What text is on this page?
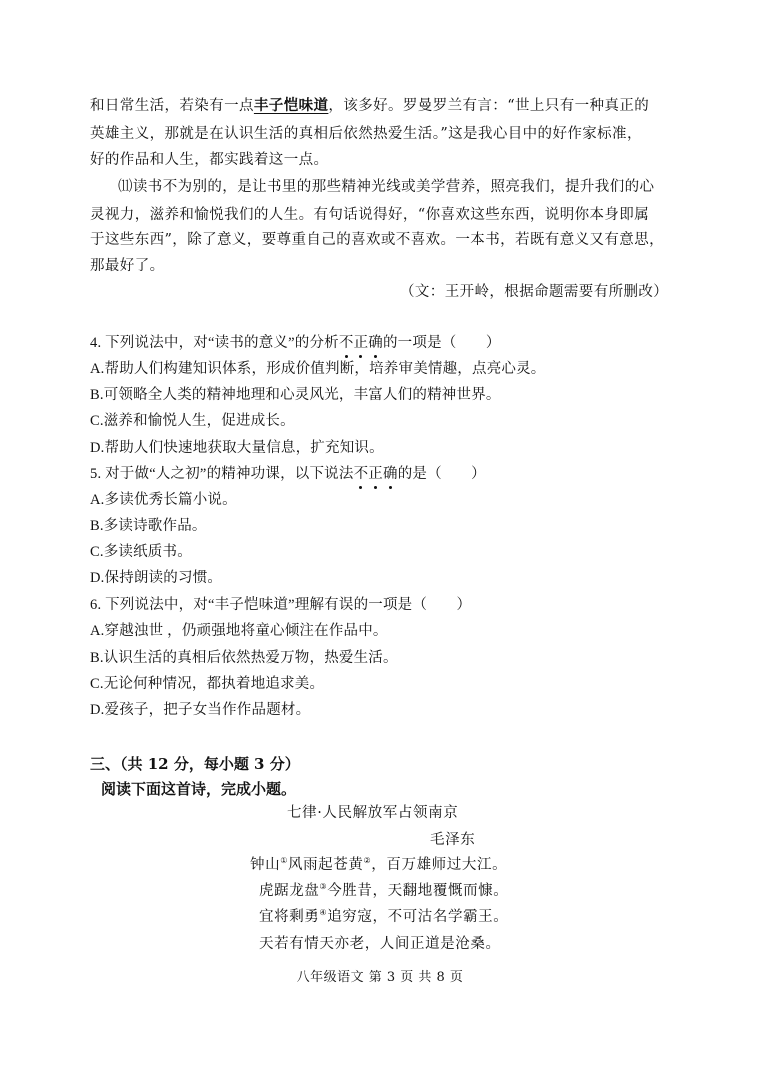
和日常生活，若染有一点丰子恺味道，该多好。罗曼罗兰有言：“世上只有一种真正的
英雄主义，那就是在认识生活的真相后依然热爱生活。”这是我心目中的好作家标准，
好的作品和人生，都实践着这一点。
⑾读书不为别的，是让书里的那些精神光线或美学营养，照亮我们，提升我们的心
灵视力，滋养和愉悦我们的人生。有句话说得好，“你喜欢这些东西，说明你本身即属
于这些东西”，除了意义，要尊重自己的喜欢或不喜欢。一本书，若既有意义又有意思，
那最好了。
（文：王开岭，根据命题需要有所删改）
4. 下列说法中，对“读书的意义”的分析不正确的一项是（　　）
A.帮助人们构建知识体系，形成价值判断，培养审美情趣，点亮心灵。
B.可领略全人类的精神地理和心灵风光，丰富人们的精神世界。
C.滋养和愉悦人生，促进成长。
D.帮助人们快速地获取大量信息，扩充知识。
5. 对于做“人之初”的精神功课，以下说法不正确的是（　　）
A.多读优秀长篇小说。
B.多读诗歌作品。
C.多读纸质书。
D.保持朗读的习惯。
6. 下列说法中，对“丰子恺味道”理解有误的一项是（　　）
A.穿越浊世 ，仍顽强地将童心倾注在作品中。
B.认识生活的真相后依然热爱万物，热爱生活。
C.无论何种情况，都执着地追求美。
D.爱孩子，把子女当作作品题材。
三、（共 12 分，每小题 3 分）
阅读下面这首诗，完成小题。
七律·人民解放军占领南京
毛泽东
钟山①风雨起苍黄②，百万雄师过大江。
虎踞龙盘③今胜昔，天翻地覆慨而慷。
宜将剩勇④追穷寇，不可沽名学霸王。
天若有情天亦老，人间正道是沧桑。
八年级语文 第 3 页 共 8 页
